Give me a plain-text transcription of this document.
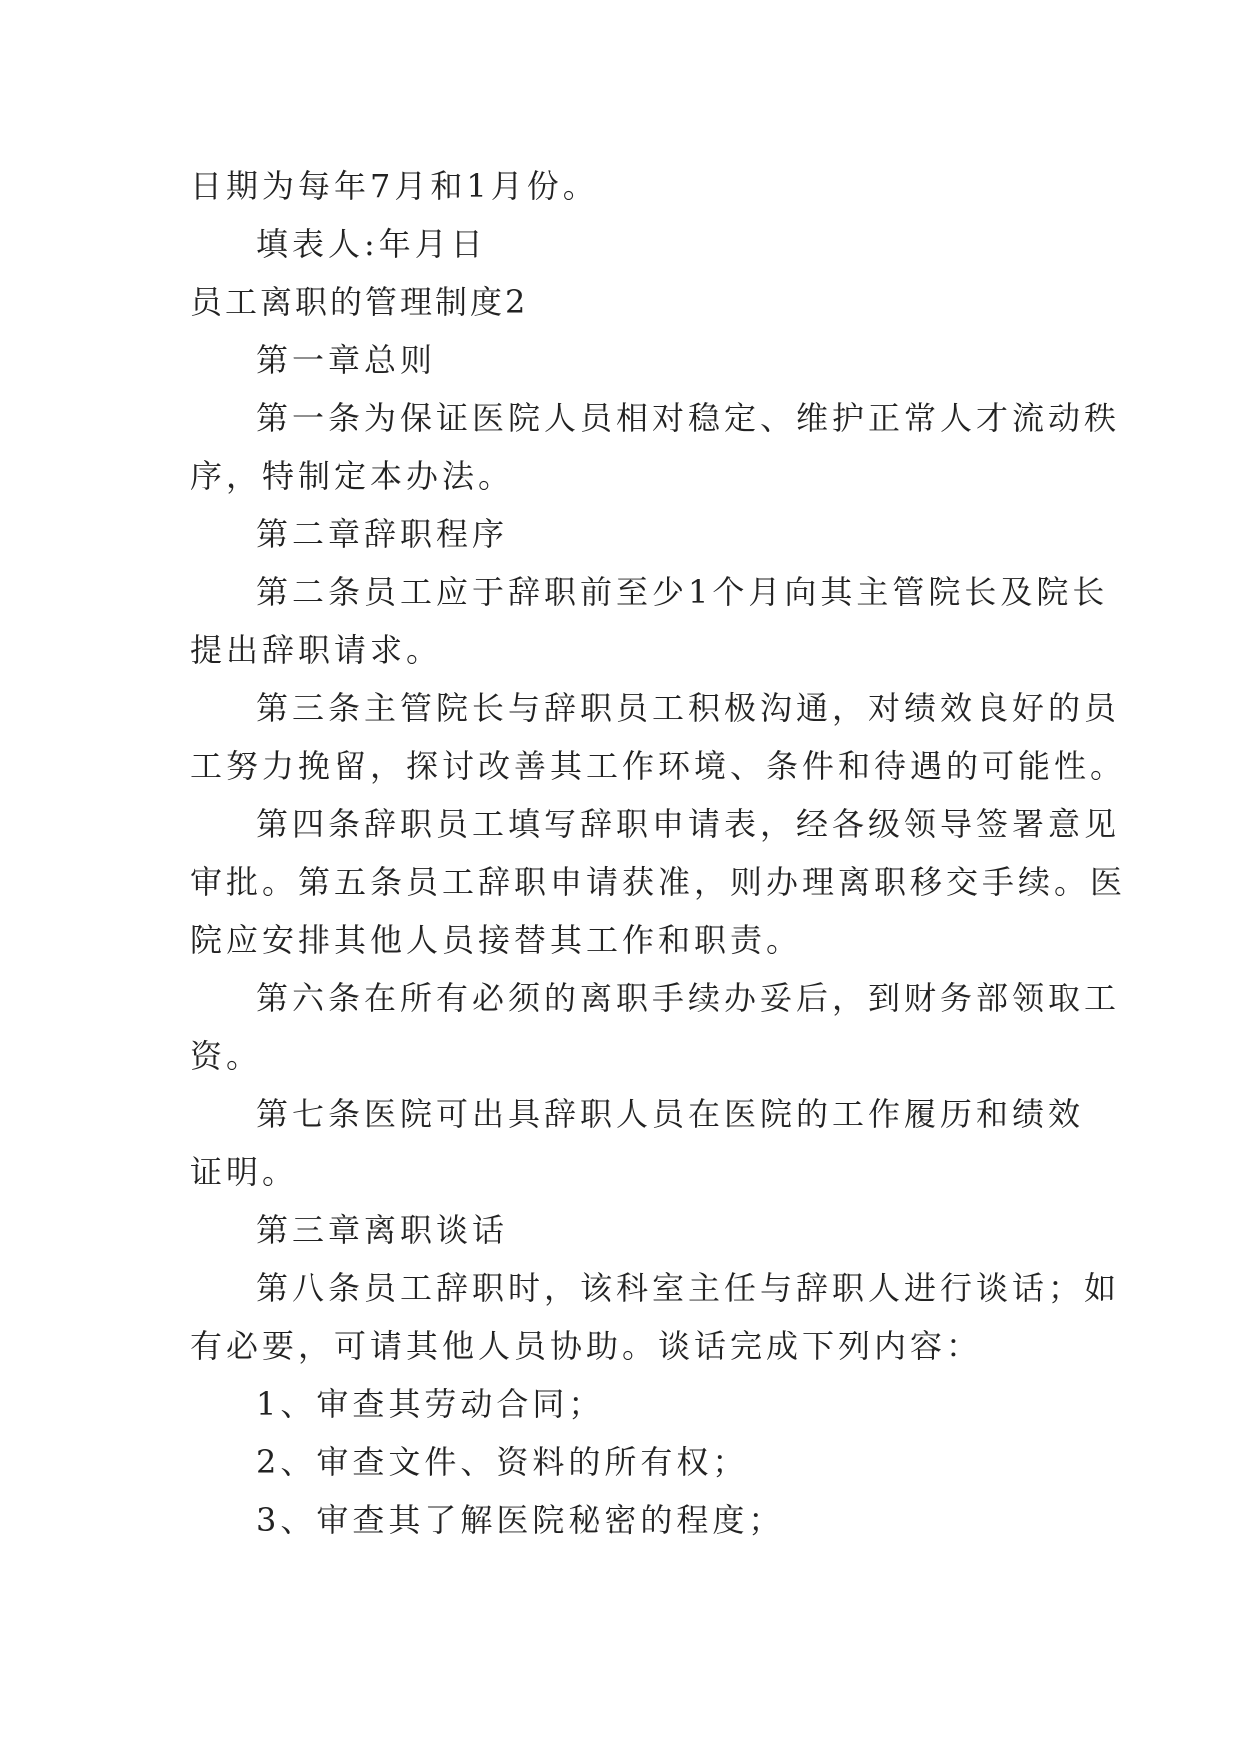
日期为每年7月和1月份。
填表人:年月日
员工离职的管理制度2
第一章总则
第一条为保证医院人员相对稳定、维护正常人才流动秩
序，特制定本办法。
第二章辞职程序
第二条员工应于辞职前至少1个月向其主管院长及院长
提出辞职请求。
第三条主管院长与辞职员工积极沟通，对绩效良好的员
工努力挽留，探讨改善其工作环境、条件和待遇的可能性。
第四条辞职员工填写辞职申请表，经各级领导签署意见
审批。第五条员工辞职申请获准，则办理离职移交手续。医
院应安排其他人员接替其工作和职责。
第六条在所有必须的离职手续办妥后，到财务部领取工
资。
第七条医院可出具辞职人员在医院的工作履历和绩效
证明。
第三章离职谈话
第八条员工辞职时，该科室主任与辞职人进行谈话；如
有必要，可请其他人员协助。谈话完成下列内容：
1、审查其劳动合同；
2、审查文件、资料的所有权；
3、审查其了解医院秘密的程度；
